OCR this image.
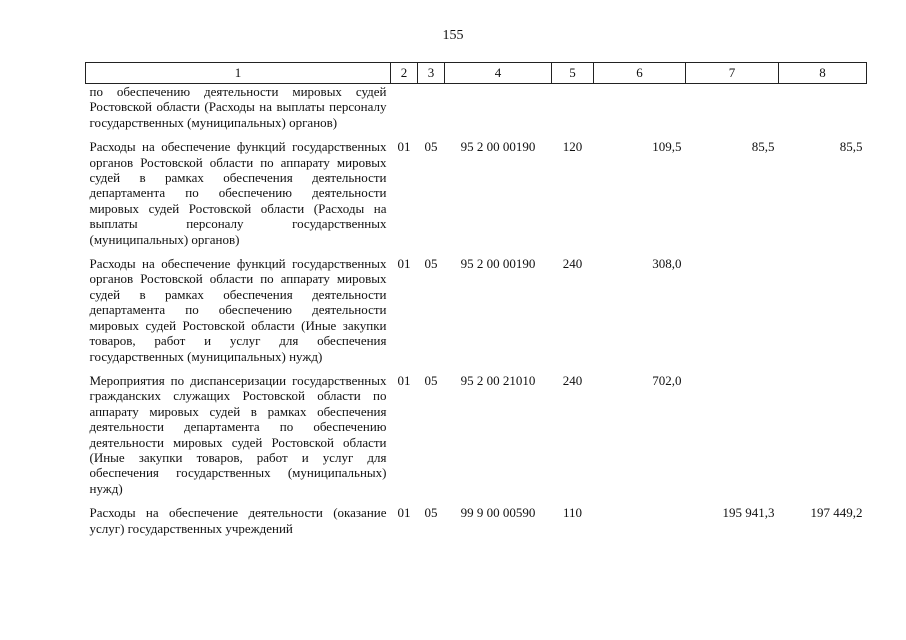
155
1	2	3	4	5	6	7	8
по обеспечению деятельности мировых судей Ростовской области (Расходы на выплаты персоналу государственных (муниципальных) органов)							
Расходы на обеспечение функций государственных органов Ростовской области по аппарату мировых судей в рамках обеспечения деятельности департамента по обеспечению деятельности мировых судей Ростовской области (Расходы на выплаты персоналу государственных (муниципальных) органов)	01	05	95 2 00 00190	120	109,5	85,5	85,5
Расходы на обеспечение функций государственных органов Ростовской области по аппарату мировых судей в рамках обеспечения деятельности департамента по обеспечению деятельности мировых судей Ростовской области (Иные закупки товаров, работ и услуг для обеспечения государственных (муниципальных) нужд)	01	05	95 2 00 00190	240	308,0		
Мероприятия по диспансеризации государственных гражданских служащих Ростовской области по аппарату мировых судей в рамках обеспечения деятельности департамента по обеспечению деятельности мировых судей Ростовской области (Иные закупки товаров, работ и услуг для обеспечения государственных (муниципальных) нужд)	01	05	95 2 00 21010	240	702,0		
Расходы на обеспечение деятельности (оказание услуг) государственных учреждений	01	05	99 9 00 00590	110		195 941,3	197 449,2
